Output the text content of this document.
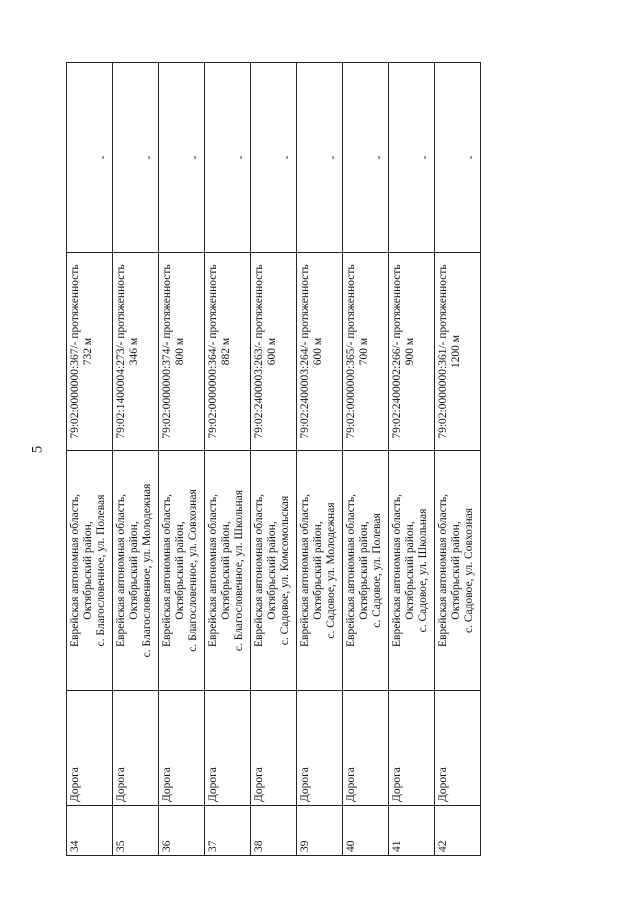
5
34	Дорога	Еврейская автономная область, Октябрьский район, с. Благословенное, ул. Полевая	79:02:0000000:367/- протяженность 732 м	-
35	Дорога	Еврейская автономная область, Октябрьский район, с. Благословенное, ул. Молодежная	79:02:1400004:273/- протяженность 346 м	-
36	Дорога	Еврейская автономная область, Октябрьский район, с. Благословенное, ул. Совхозная	79:02:0000000:374/- протяженность 800 м	-
37	Дорога	Еврейская автономная область, Октябрьский район, с. Благословенное, ул. Школьная	79:02:0000000:364/- протяженность 882 м	-
38	Дорога	Еврейская автономная область, Октябрьский район, с. Садовое, ул. Комсомольская	79:02:2400003:263/- протяженность 600 м	-
39	Дорога	Еврейская автономная область, Октябрьский район, с. Садовое, ул. Молодежная	79:02:2400003:264/- протяженность 600 м	-
40	Дорога	Еврейская автономная область, Октябрьский район, с. Садовое, ул. Полевая	79:02:0000000:365/- протяженность 700 м	-
41	Дорога	Еврейская автономная область, Октябрьский район, с. Садовое, ул. Школьная	79:02:2400002:266/- протяженность 900 м	-
42	Дорога	Еврейская автономная область, Октябрьский район, с. Садовое, ул. Совхозная	79:02:0000000:361/- протяженность 1200 м	-
